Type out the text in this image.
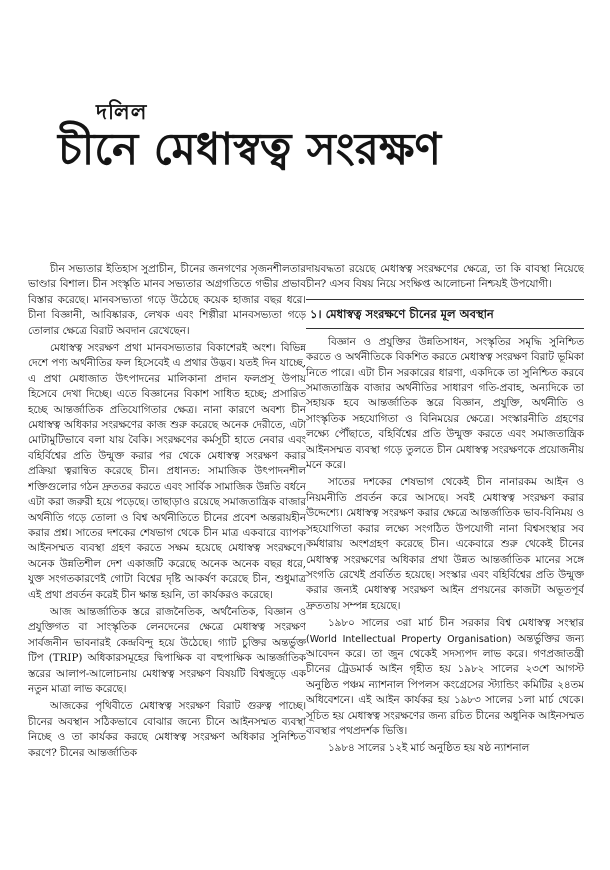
দলিল
চীনে মেধাস্বত্ব সংরক্ষণ

চীন সভ্যতার ইতিহাস সুপ্রাচীন, চীনের জনগণের সৃজনশীলতার ভাণ্ডার বিশাল। চীন সংস্কৃতি মানব সভ্যতার অগ্রগতিতে গভীর প্রভাব বিস্তার করেছে। মানবসভ্যতা গড়ে উঠেছে কয়েক হাজার বছর ধরে। চীনা বিজ্ঞানী, আবিষ্কারক, লেখক এবং শিল্পীরা মানবসভ্যতা গড়ে তোলার ক্ষেত্রে বিরাট অবদান রেখেছেন।

মেধাস্বত্ব সংরক্ষণ প্রথা মানবসভ্যতার বিকাশেরই অংশ। বিভিন্ন দেশে পণ্য অর্থনীতির ফল হিসেবেই এ প্রথার উদ্ভব। যতই দিন যাচ্ছে, এ প্রথা মেধাজাত উৎপাদনের মালিকানা প্রদান ফলপ্রসূ উপায় হিসেবে দেখা দিচ্ছে। এতে বিজ্ঞানের বিকাশ সাধিত হচ্ছে; প্রসারিত হচ্ছে আন্তর্জাতিক প্রতিযোগিতার ক্ষেত্র। নানা কারণে অবশ্য চীন মেধাস্বত্ব অধিকার সংরক্ষণের কাজ শুরু করেছে অনেক দেরীতে, এটা মোটামুটিভাবে বলা যায় বৈকি। সংরক্ষণের কর্মসূচী হাতে নেবার এবং বহির্বিশ্বের প্রতি উন্মুক্ত করার পর থেকে মেধাস্বত্ব সংরক্ষণ করার প্রক্রিয়া ত্বরান্বিত করেছে চীন। প্রধানত: সামাজিক উৎপাদনশীল শক্তিগুলোর গঠন দ্রুততর করতে এবং সার্বিক সামাজিক উন্নতি বর্ধনে এটা করা জরুরী হয়ে পড়েছে। তাছাড়াও রয়েছে সমাজতান্ত্রিক বাজার অর্থনীতি গড়ে তোলা ও বিশ্ব অর্থনীতিতে চীনের প্রবেশ অন্তরায়হীন করার প্রশ্ন। সাতের দশকের শেষভাগ থেকে চীন মাত্র একবারে ব্যাপক আইনসম্মত ব্যবস্থা গ্রহণ করতে সক্ষম হয়েছে মেধাস্বত্ব সংরক্ষণে। অনেক উন্নতিশীল দেশ একাজটি করেছে অনেক অনেক বছর ধরে, যুক্ত সংগতকারণেই গোটা বিশ্বের দৃষ্টি আকর্ষণ করেছে চীন, শুধুমাত্র এই প্রথা প্রবর্তন করেই চীন ক্ষান্ত হয়নি, তা কার্যকরও করেছে।

আজ আন্তর্জাতিক স্তরে রাজনৈতিক, অর্থনৈতিক, বিজ্ঞান ও প্রযুক্তিগত বা সাংস্কৃতিক লেনদেনের ক্ষেত্রে মেধাস্বত্ব সংরক্ষণ সার্বজনীন ভাবনারই কেন্দ্রবিন্দু হয়ে উঠেছে। গ্যাট চুক্তির অন্তর্ভুক্ত টিপ (TRIP) অধিকারসমূহের দ্বিপাক্ষিক বা বহুপাক্ষিক আন্তর্জাতিক স্তরের আলাপ-আলোচনায় মেধাস্বত্ব সংরক্ষণ বিষয়টি বিশ্বজুড়ে এক নতুন মাত্রা লাভ করেছে।

আজকের পৃথিবীতে মেধাস্বত্ব সংরক্ষণ বিরাট গুরুত্ব পাচ্ছে। চীনের অবস্থান সঠিকভাবে বোঝার জন্যে চীনে আইনসম্মত ব্যবস্থা নিচ্ছে ও তা কার্যকর করছে মেধাস্বত্ব সংরক্ষণ অধিকার সুনিশ্চিত করণে? চীনের আন্তর্জাতিক

দায়বদ্ধতা রয়েছে মেধাস্বত্ব সংরক্ষণের ক্ষেত্রে, তা কি বাবস্থা নিয়েছে চীন? এসব বিষয় নিয়ে সংক্ষিপ্ত আলোচনা নিশ্চয়ই উপযোগী।

১। মেধাস্বত্ব সংরক্ষণে চীনের মূল অবস্থান

বিজ্ঞান ও প্রযুক্তির উন্নতিসাধন, সংস্কৃতির সমৃদ্ধি সুনিশ্চিত করতে ও অর্থনীতিকে বিকশিত করতে মেধাস্বত্ব সংরক্ষণ বিরাট ভূমিকা নিতে পারে। এটা চীন সরকারের ধারণা, একদিকে তা সুনিশ্চিত করবে সমাজতান্ত্রিক বাজার অর্থনীতির সাধারণ গতি-প্রবাহ, অন্যদিকে তা সহায়ক হবে আন্তর্জাতিক স্তরে বিজ্ঞান, প্রযুক্তি, অর্থনীতি ও সাংস্কৃতিক সহযোগিতা ও বিনিময়ের ক্ষেত্রে। সংস্কারনীতি গ্রহণের লক্ষ্যে পৌঁছাতে, বহির্বিশ্বের প্রতি উন্মুক্ত করতে এবং সমাজতান্ত্রিক আইনসম্মত ব্যবস্থা গড়ে তুলতে চীন মেধাস্বত্ব সংরক্ষণকে প্রয়োজনীয় মনে করে।

সাতের দশকের শেষভাগ থেকেই চীন নানারকম আইন ও নিয়মনীতি প্রবর্তন করে আসছে। সবই মেধাস্বত্ব সংরক্ষণ করার উদ্দেশ্যে। মেধাস্বত্ব সংরক্ষণ করার ক্ষেত্রে আন্তর্জাতিক ভাব-বিনিময় ও সহযোগিতা করার লক্ষ্যে সংগঠিত উপযোগী নানা বিশ্বসংস্থার সব কর্মধারায় অংশগ্রহণ করেছে চীন। একেবারে শুরু থেকেই চীনের মেধাস্বত্ব সংরক্ষণের অধিকার প্রথা উন্নত আন্তর্জাতিক মানের সঙ্গে সংগতি রেখেই প্রবর্তিত হয়েছে। সংস্কার এবং বহির্বিশ্বের প্রতি উন্মুক্ত করার জন্যই মেধাস্বত্ব সংরক্ষণ আইন প্রণয়নের কাজটা অভূতপূর্ব দ্রুততায় সম্পন্ন হয়েছে।

১৯৮০ সালের ৩রা মার্চ চীন সরকার বিশ্ব মেধাস্বত্ব সংস্থার (World Intellectual Property Organisation) অন্তর্ভুক্তির জন্য আবেদন করে। তা জুন থেকেই সদস্যপদ লাভ করে। গণপ্রজাতন্ত্রী চীনের ট্রেডমার্ক আইন গৃহীত হয় ১৯৮২ সালের ২৩শে আগস্ট অনুষ্ঠিত পঞ্চম ন্যাশনাল পিপলস কংগ্রেসের স্ট্যান্ডিং কমিটির ২৪তম অধিবেশনে। এই আইন কার্যকর হয় ১৯৮৩ সালের ১লা মার্চ থেকে। সূচিত হয় মেধাস্বত্ব সংরক্ষণের জন্য রচিত চীনের অধুনিক আইনসম্মত ব্যবস্থার পথপ্রদর্শক ভিত্তি।

১৯৮৪ সালের ১২ই মার্চ অনুষ্ঠিত হয় ষষ্ঠ ন্যাশনাল
